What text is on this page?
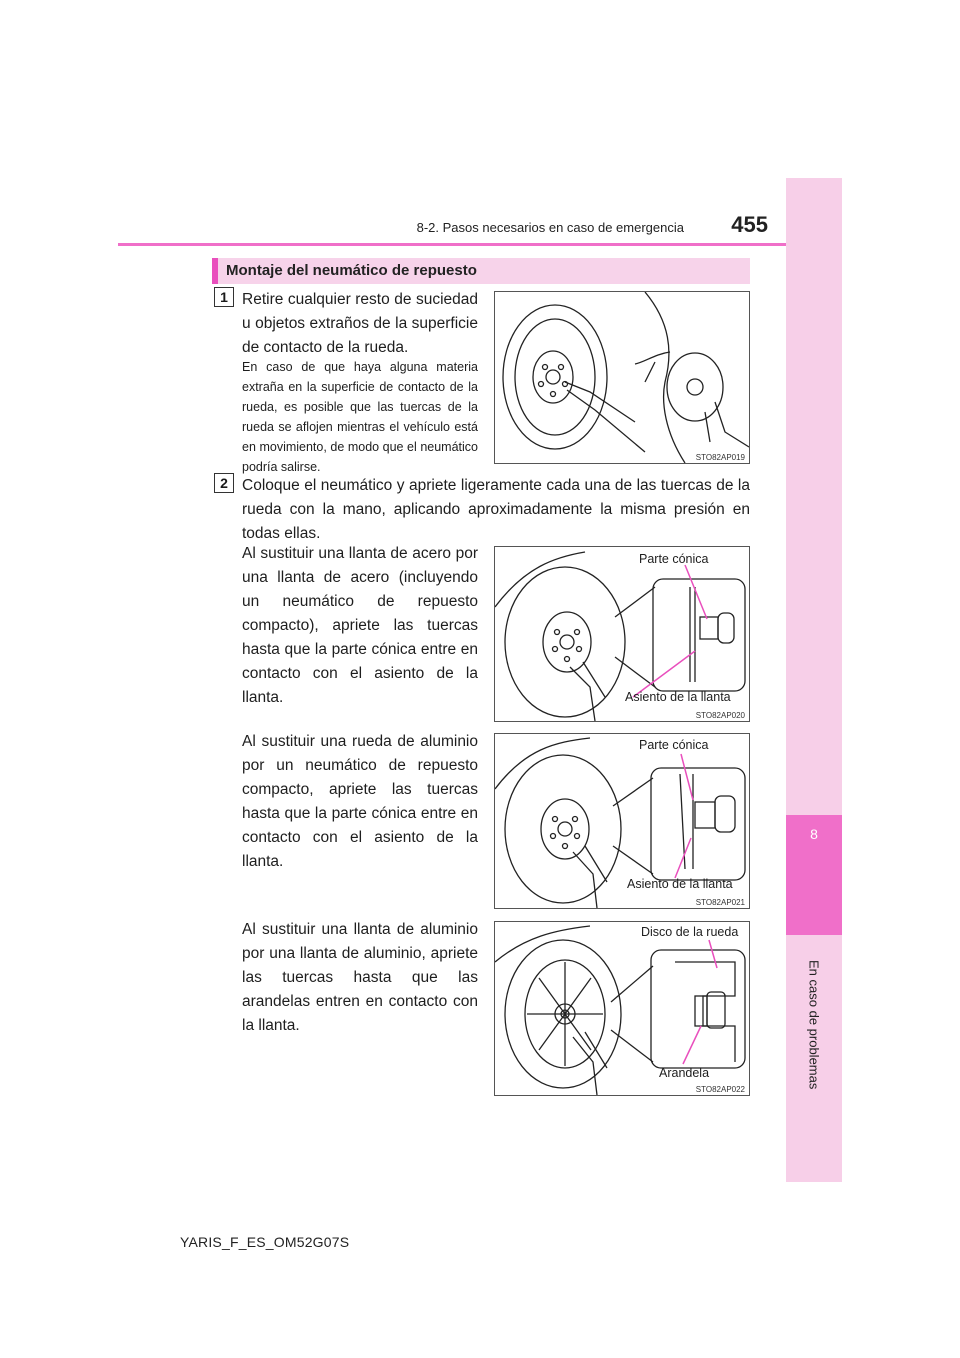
8
En caso de problemas
8-2. Pasos necesarios en caso de emergencia	455
Montaje del neumático de repuesto
1 Retire cualquier resto de suciedad u objetos extraños de la superficie de contacto de la rueda.
En caso de que haya alguna materia extraña en la superficie de contacto de la rueda, es posible que las tuercas de la rueda se aflojen mientras el vehículo está en movimiento, de modo que el neumático podría salirse.
STO82AP019
2 Coloque el neumático y apriete ligeramente cada una de las tuercas de la rueda con la mano, aplicando aproximadamente la misma presión en todas ellas.
Al sustituir una llanta de acero por una llanta de acero (incluyendo un neumático de repuesto compacto), apriete las tuercas hasta que la parte cónica entre en contacto con el asiento de la llanta.
STO82AP020
Parte cónica
Asiento de la llanta
Al sustituir una rueda de aluminio por un neumático de repuesto compacto, apriete las tuercas hasta que la parte cónica entre en contacto con el asiento de la llanta.
STO82AP021
Parte cónica
Asiento de la llanta
Al sustituir una llanta de aluminio por una llanta de aluminio, apriete las tuercas hasta que las arandelas entren en contacto con la llanta.
STO82AP022
Disco de la rueda
Arandela
YARIS_F_ES_OM52G07S
